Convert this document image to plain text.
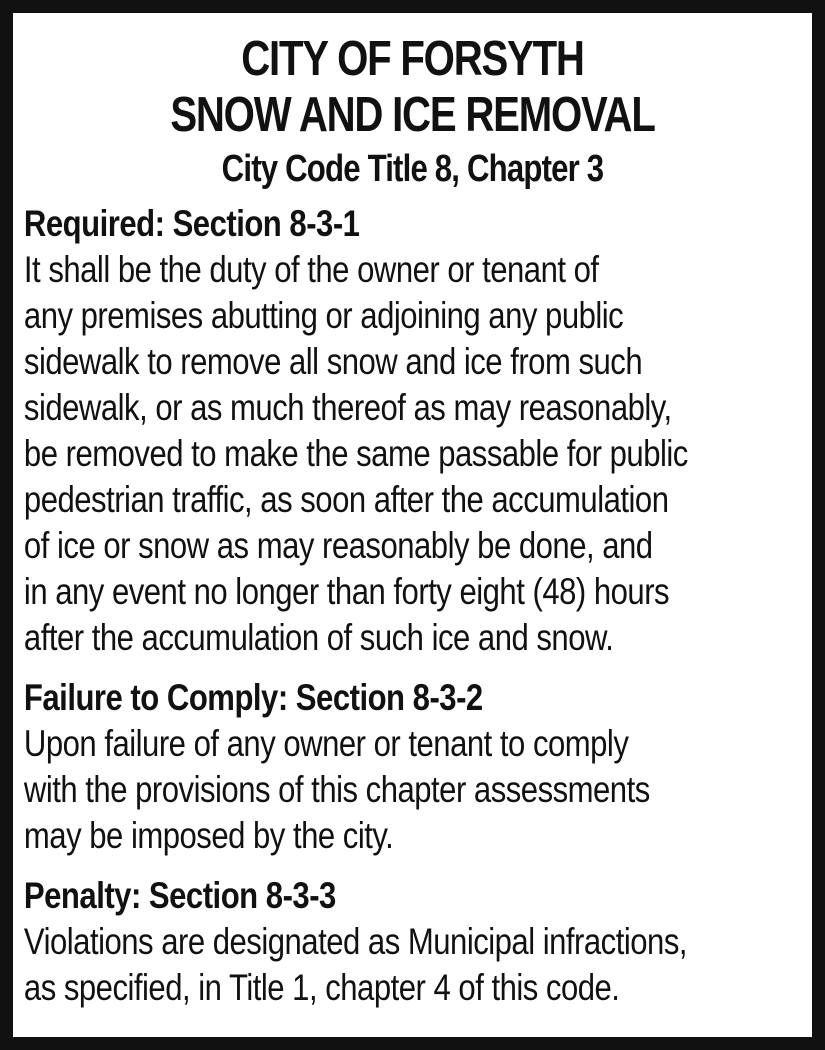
CITY OF FORSYTH
SNOW AND ICE REMOVAL
City Code Title 8, Chapter 3
Required: Section 8-3-1
It shall be the duty of the owner or tenant of
any premises abutting or adjoining any public
sidewalk to remove all snow and ice from such
sidewalk, or as much thereof as may reasonably,
be removed to make the same passable for public
pedestrian traffic, as soon after the accumulation
of ice or snow as may reasonably be done, and
in any event no longer than forty eight (48) hours
after the accumulation of such ice and snow.
Failure to Comply: Section 8-3-2
Upon failure of any owner or tenant to comply
with the provisions of this chapter assessments
may be imposed by the city.
Penalty: Section 8-3-3
Violations are designated as Municipal infractions,
as specified, in Title 1, chapter 4 of this code.
